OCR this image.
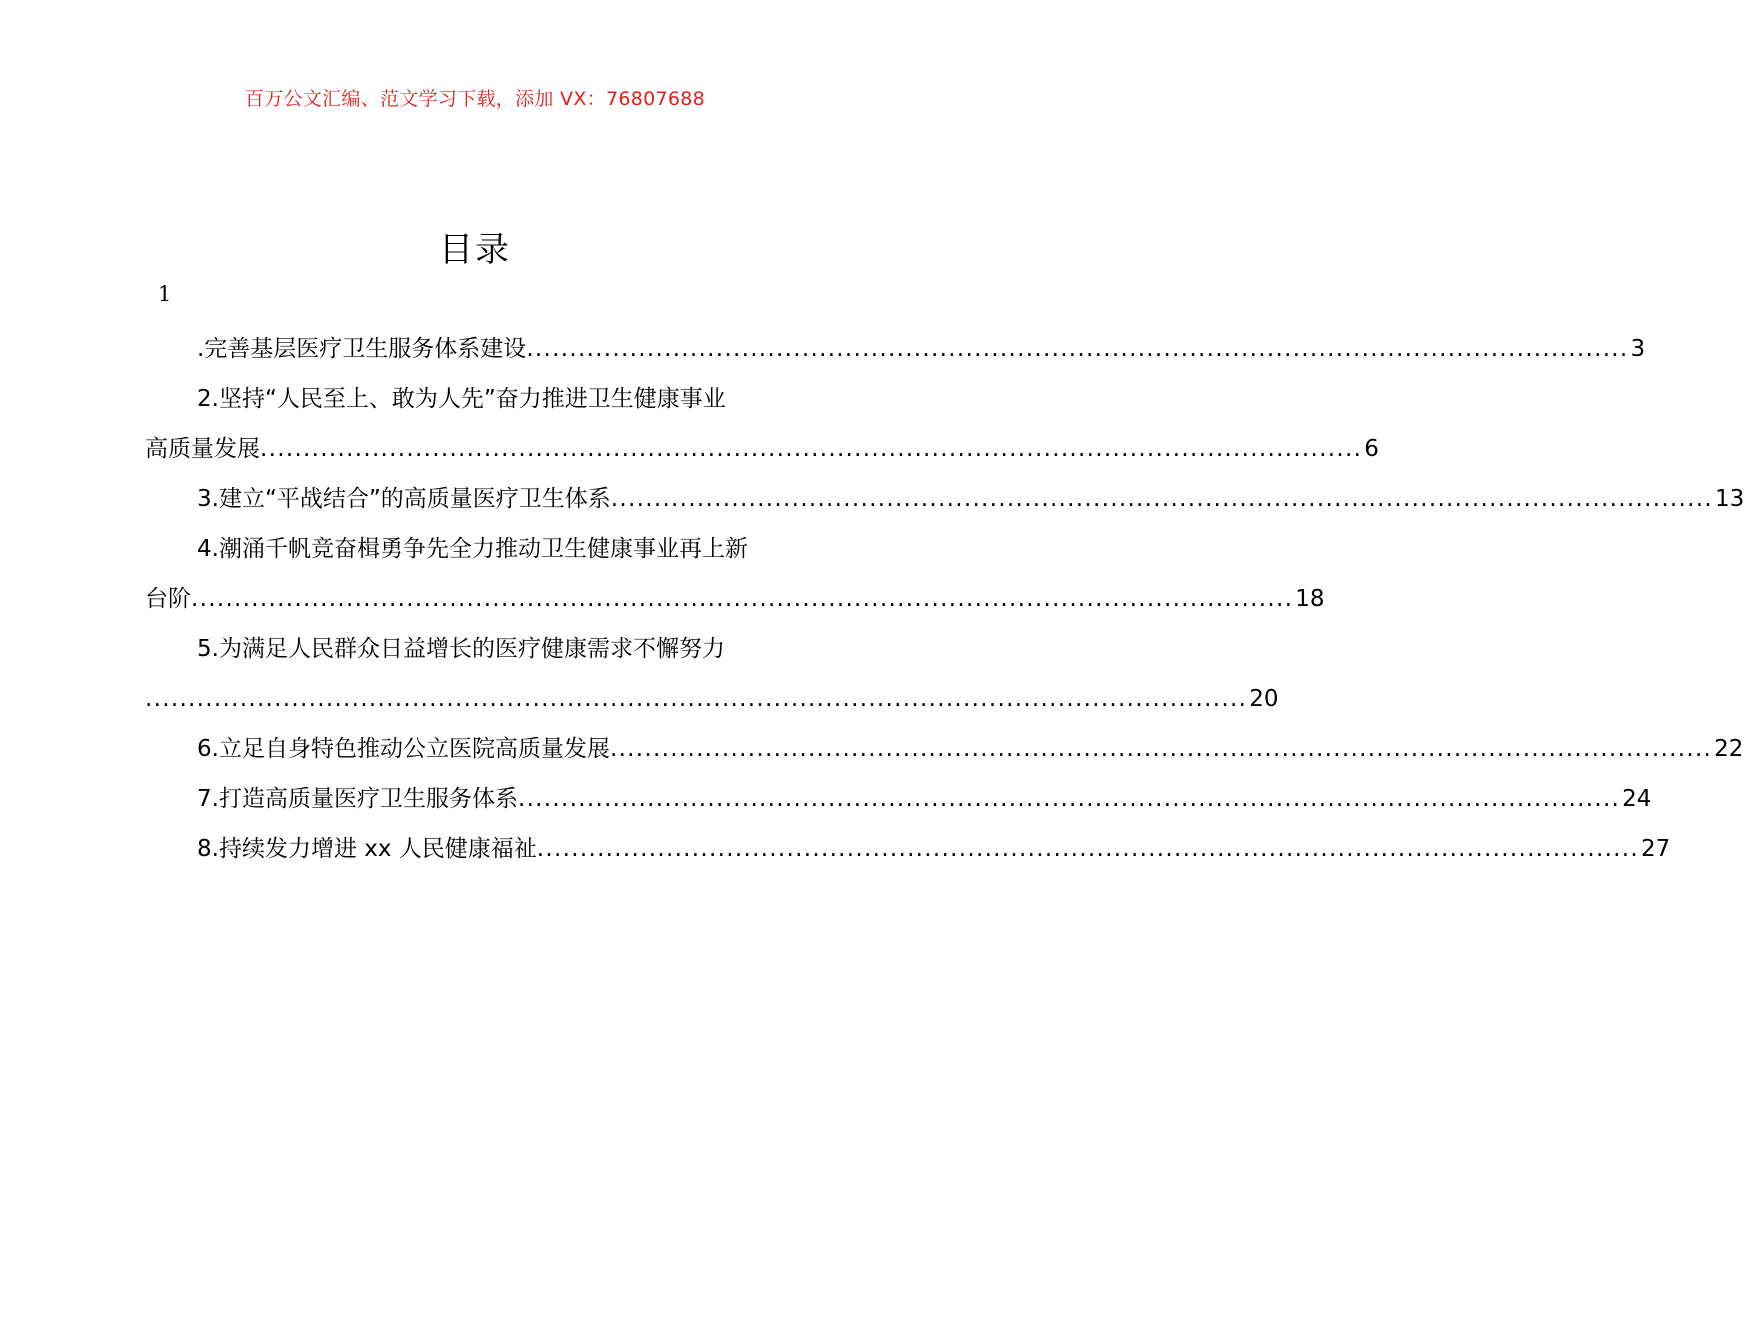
百万公文汇编、范文学习下载，添加 VX：76807688
目录
1
.完善基层医疗卫生服务体系建设 ................................................................................................................................ 3
2.坚持“人民至上、敢为人先”奋力推进卫生健康事业
高质量发展 ................................................................................................................................ 6
3.建立“平战结合”的高质量医疗卫生体系 ................................................................................................................................ 13
4.潮涌千帆竞奋楫勇争先全力推动卫生健康事业再上新
台阶 ................................................................................................................................ 18
5.为满足人民群众日益增长的医疗健康需求不懈努力
................................................................................................................................ 20
6.立足自身特色推动公立医院高质量发展 ................................................................................................................................ 22
7.打造高质量医疗卫生服务体系 ................................................................................................................................ 24
8.持续发力增进 xx 人民健康福祉 ................................................................................................................................ 27
